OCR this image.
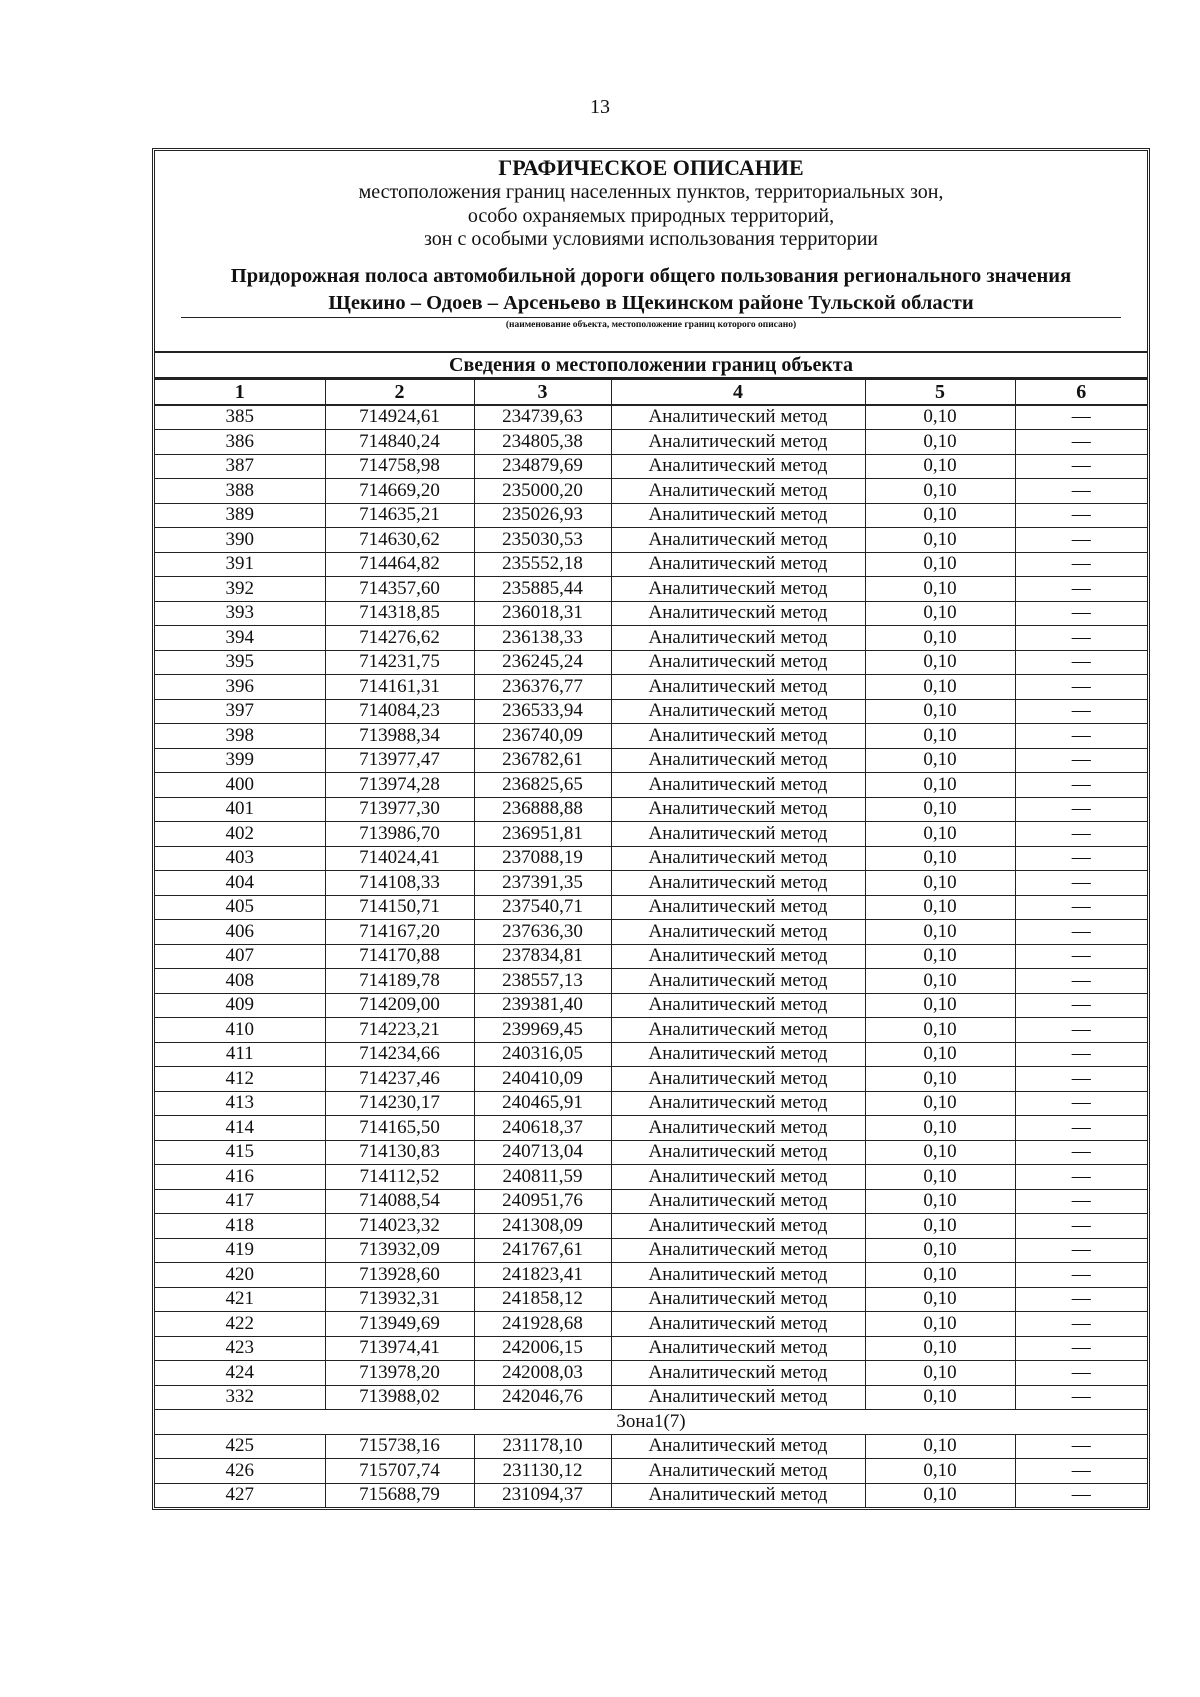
13
ГРАФИЧЕСКОЕ ОПИСАНИЕ
местоположения границ населенных пунктов, территориальных зон,
особо охраняемых природных территорий,
зон с особыми условиями использования территории
Придорожная полоса автомобильной дороги общего пользования регионального значения
Щекино – Одоев – Арсеньево в Щекинском районе Тульской области
(наименование объекта, местоположение границ которого описано)
Сведения о местоположении границ объекта
1	2	3	4	5	6
385	714924,61	234739,63	Аналитический метод	0,10	—
386	714840,24	234805,38	Аналитический метод	0,10	—
387	714758,98	234879,69	Аналитический метод	0,10	—
388	714669,20	235000,20	Аналитический метод	0,10	—
389	714635,21	235026,93	Аналитический метод	0,10	—
390	714630,62	235030,53	Аналитический метод	0,10	—
391	714464,82	235552,18	Аналитический метод	0,10	—
392	714357,60	235885,44	Аналитический метод	0,10	—
393	714318,85	236018,31	Аналитический метод	0,10	—
394	714276,62	236138,33	Аналитический метод	0,10	—
395	714231,75	236245,24	Аналитический метод	0,10	—
396	714161,31	236376,77	Аналитический метод	0,10	—
397	714084,23	236533,94	Аналитический метод	0,10	—
398	713988,34	236740,09	Аналитический метод	0,10	—
399	713977,47	236782,61	Аналитический метод	0,10	—
400	713974,28	236825,65	Аналитический метод	0,10	—
401	713977,30	236888,88	Аналитический метод	0,10	—
402	713986,70	236951,81	Аналитический метод	0,10	—
403	714024,41	237088,19	Аналитический метод	0,10	—
404	714108,33	237391,35	Аналитический метод	0,10	—
405	714150,71	237540,71	Аналитический метод	0,10	—
406	714167,20	237636,30	Аналитический метод	0,10	—
407	714170,88	237834,81	Аналитический метод	0,10	—
408	714189,78	238557,13	Аналитический метод	0,10	—
409	714209,00	239381,40	Аналитический метод	0,10	—
410	714223,21	239969,45	Аналитический метод	0,10	—
411	714234,66	240316,05	Аналитический метод	0,10	—
412	714237,46	240410,09	Аналитический метод	0,10	—
413	714230,17	240465,91	Аналитический метод	0,10	—
414	714165,50	240618,37	Аналитический метод	0,10	—
415	714130,83	240713,04	Аналитический метод	0,10	—
416	714112,52	240811,59	Аналитический метод	0,10	—
417	714088,54	240951,76	Аналитический метод	0,10	—
418	714023,32	241308,09	Аналитический метод	0,10	—
419	713932,09	241767,61	Аналитический метод	0,10	—
420	713928,60	241823,41	Аналитический метод	0,10	—
421	713932,31	241858,12	Аналитический метод	0,10	—
422	713949,69	241928,68	Аналитический метод	0,10	—
423	713974,41	242006,15	Аналитический метод	0,10	—
424	713978,20	242008,03	Аналитический метод	0,10	—
332	713988,02	242046,76	Аналитический метод	0,10	—
Зона1(7)					
425	715738,16	231178,10	Аналитический метод	0,10	—
426	715707,74	231130,12	Аналитический метод	0,10	—
427	715688,79	231094,37	Аналитический метод	0,10	—
